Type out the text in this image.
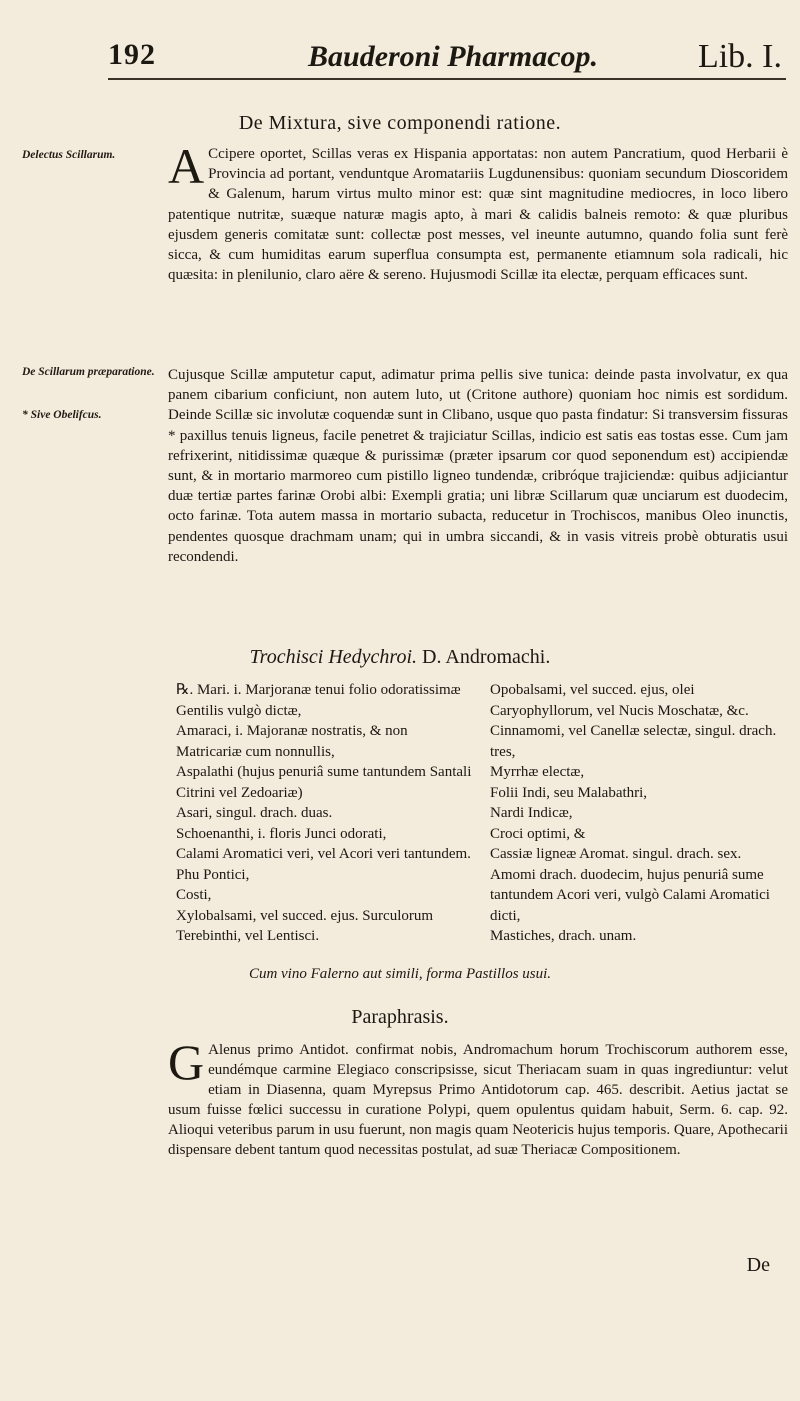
192	Bauderoni Pharmacop.	Lib. I.
De Mixtura, sive componendi ratione.
Delectus Scillarum.
De Scillarum præparatione.
* Sive Obelifcus.

A Ccipere oportet, Scillas veras ex Hispania apportatas: non autem Pancratium, quod Herbarii è Provincia ad portant, venduntque Aromatariis Lugdunensibus: quoniam secundum Dioscoridem & Galenum, harum virtus multo minor est: quæ sint magnitudine mediocres, in loco libero patentique nutritæ, suæque naturæ magis apto, à mari & calidis balneis remoto: & quæ pluribus ejusdem generis comitatæ sunt: collectæ post messes, vel ineunte autumno, quando folia sunt ferè sicca, & cum humiditas earum superflua consumpta est, permanente etiamnum sola radicali, hic quæsita: in plenilunio, claro aëre & sereno. Hujusmodi Scillæ ita electæ, perquam efficaces sunt.

Cujusque Scillæ amputetur caput, adimatur prima pellis sive tunica: deinde pasta involvatur, ex qua panem cibarium conficiunt, non autem luto, ut (Critone authore) quoniam hoc nimis est sordidum. Deinde Scillæ sic involutæ coquendæ sunt in Clibano, usque quo pasta findatur: Si transversim fissuras * paxillus tenuis ligneus, facile penetret & trajiciatur Scillas, indicio est satis eas tostas esse. Cum jam refrixerint, nitidissimæ quæque & purissimæ (præter ipsarum cor quod seponendum est) accipiendæ sunt, & in mortario marmoreo cum pistillo ligneo tundendæ, cribróque trajiciendæ: quibus adjiciantur duæ tertiæ partes farinæ Orobi albi: Exempli gratia; uni libræ Scillarum quæ unciarum est duodecim, octo farinæ. Tota autem massa in mortario subacta, reducetur in Trochiscos, manibus Oleo inunctis, pendentes quosque drachmam unam; qui in umbra siccandi, & in vasis vitreis probè obturatis usui recondendi.

Trochisci Hedychroi. D. Andromachi.

℞. Mari. i. Marjoranæ tenui folio odoratissimæ Gentilis vulgò dictæ,

Amaraci, i. Majoranæ nostratis, & non Matricariæ cum nonnullis,

Aspalathi (hujus penuriâ sume tantundem Santali Citrini vel Zedoariæ)

Asari, singul. drach. duas.

Schoenanthi, i. floris Junci odorati,

Calami Aromatici veri, vel Acori veri tantundem.

Phu Pontici,

Costi,

Xylobalsami, vel succed. ejus. Surculorum Terebinthi, vel Lentisci.

Opobalsami, vel succed. ejus, olei Caryophyllorum, vel Nucis Moschatæ, &c.

Cinnamomi, vel Canellæ selectæ, singul. drach. tres,

Myrrhæ electæ,

Folii Indi, seu Malabathri,

Nardi Indicæ,

Croci optimi, &

Cassiæ ligneæ Aromat. singul. drach. sex.

Amomi drach. duodecim, hujus penuriâ sume tantundem Acori veri, vulgò Calami Aromatici dicti,

Mastiches, drach. unam.

Cum vino Falerno aut simili, forma Pastillos usui.
Paraphrasis.

G Alenus primo Antidot. confirmat nobis, Andromachum horum Trochiscorum authorem esse, eundémque carmine Elegiaco conscripsisse, sicut Theriacam suam in quas ingrediuntur: velut etiam in Diasenna, quam Myrepsus Primo Antidotorum cap. 465. describit. Aetius jactat se usum fuisse fœlici successu in curatione Polypi, quem opulentus quidam habuit, Serm. 6. cap. 92. Alioqui veteribus parum in usu fuerunt, non magis quam Neotericis hujus temporis. Quare, Apothecarii dispensare debent tantum quod necessitas postulat, ad suæ Theriacæ Compositionem.

De
